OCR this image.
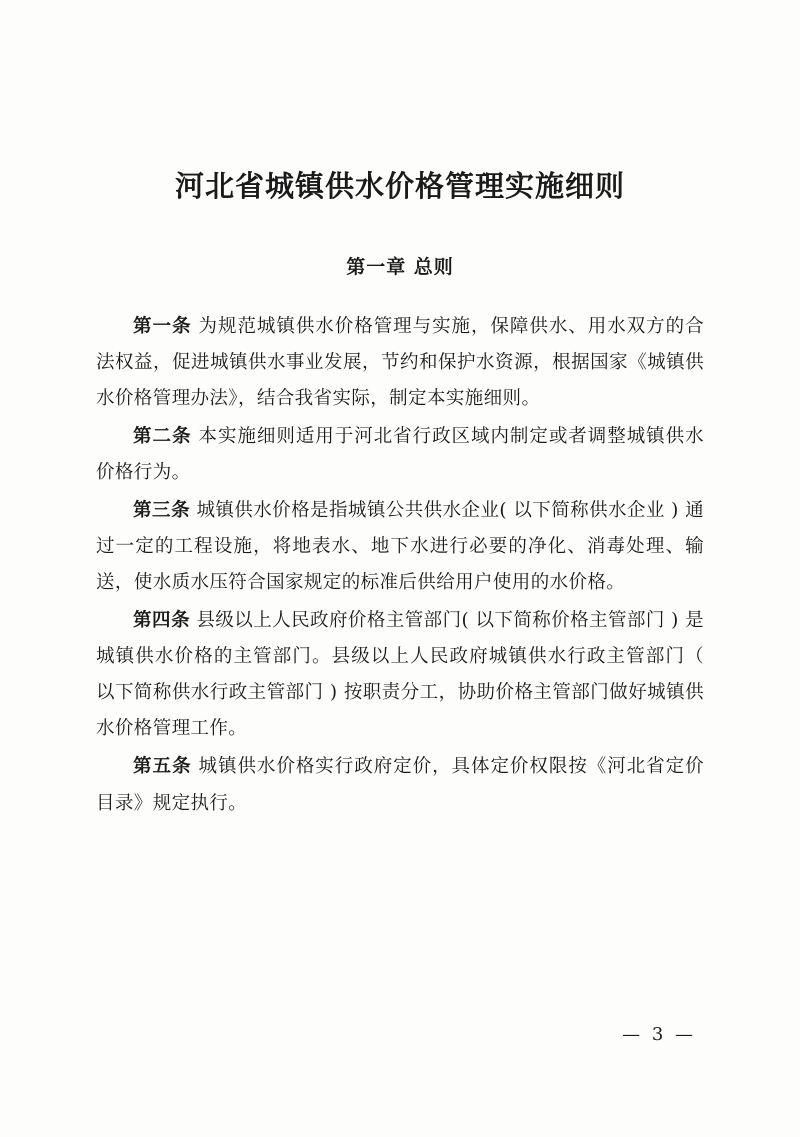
河北省城镇供水价格管理实施细则
第一章 总则

第一条 为规范城镇供水价格管理与实施，保障供水、用水双方的合法权益，促进城镇供水事业发展，节约和保护水资源，根据国家《城镇供水价格管理办法》，结合我省实际，制定本实施细则。

第二条 本实施细则适用于河北省行政区域内制定或者调整城镇供水价格行为。

第三条 城镇供水价格是指城镇公共供水企业( 以下简称供水企业 ) 通过一定的工程设施，将地表水、地下水进行必要的净化、消毒处理、输送，使水质水压符合国家规定的标准后供给用户使用的水价格。

第四条 县级以上人民政府价格主管部门( 以下简称价格主管部门 ) 是城镇供水价格的主管部门。县级以上人民政府城镇供水行政主管部门（ 以下简称供水行政主管部门 ) 按职责分工，协助价格主管部门做好城镇供水价格管理工作。

第五条 城镇供水价格实行政府定价，具体定价权限按《河北省定价目录》规定执行。

— 3 —
